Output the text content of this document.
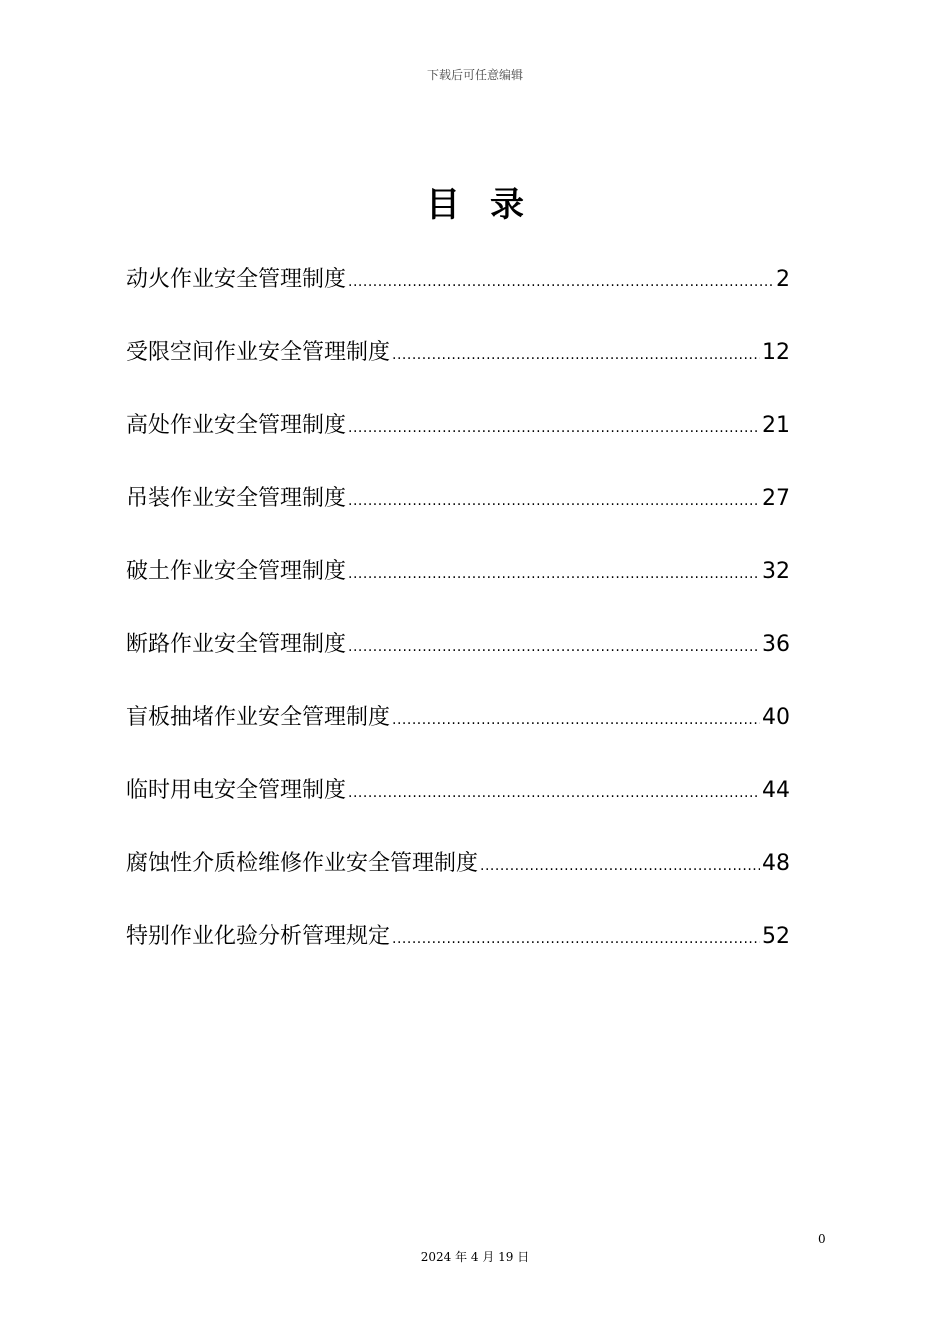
下载后可任意编辑
目录
动火作业安全管理制度 .....	2
受限空间作业安全管理制度 .....	12
高处作业安全管理制度 .....	21
吊装作业安全管理制度 .....	27
破土作业安全管理制度 .....	32
断路作业安全管理制度 .....	36
盲板抽堵作业安全管理制度 .....	40
临时用电安全管理制度 .....	44
腐蚀性介质检维修作业安全管理制度 .....	48
特别作业化验分析管理规定 .....	52
0
2024 年 4 月 19 日
